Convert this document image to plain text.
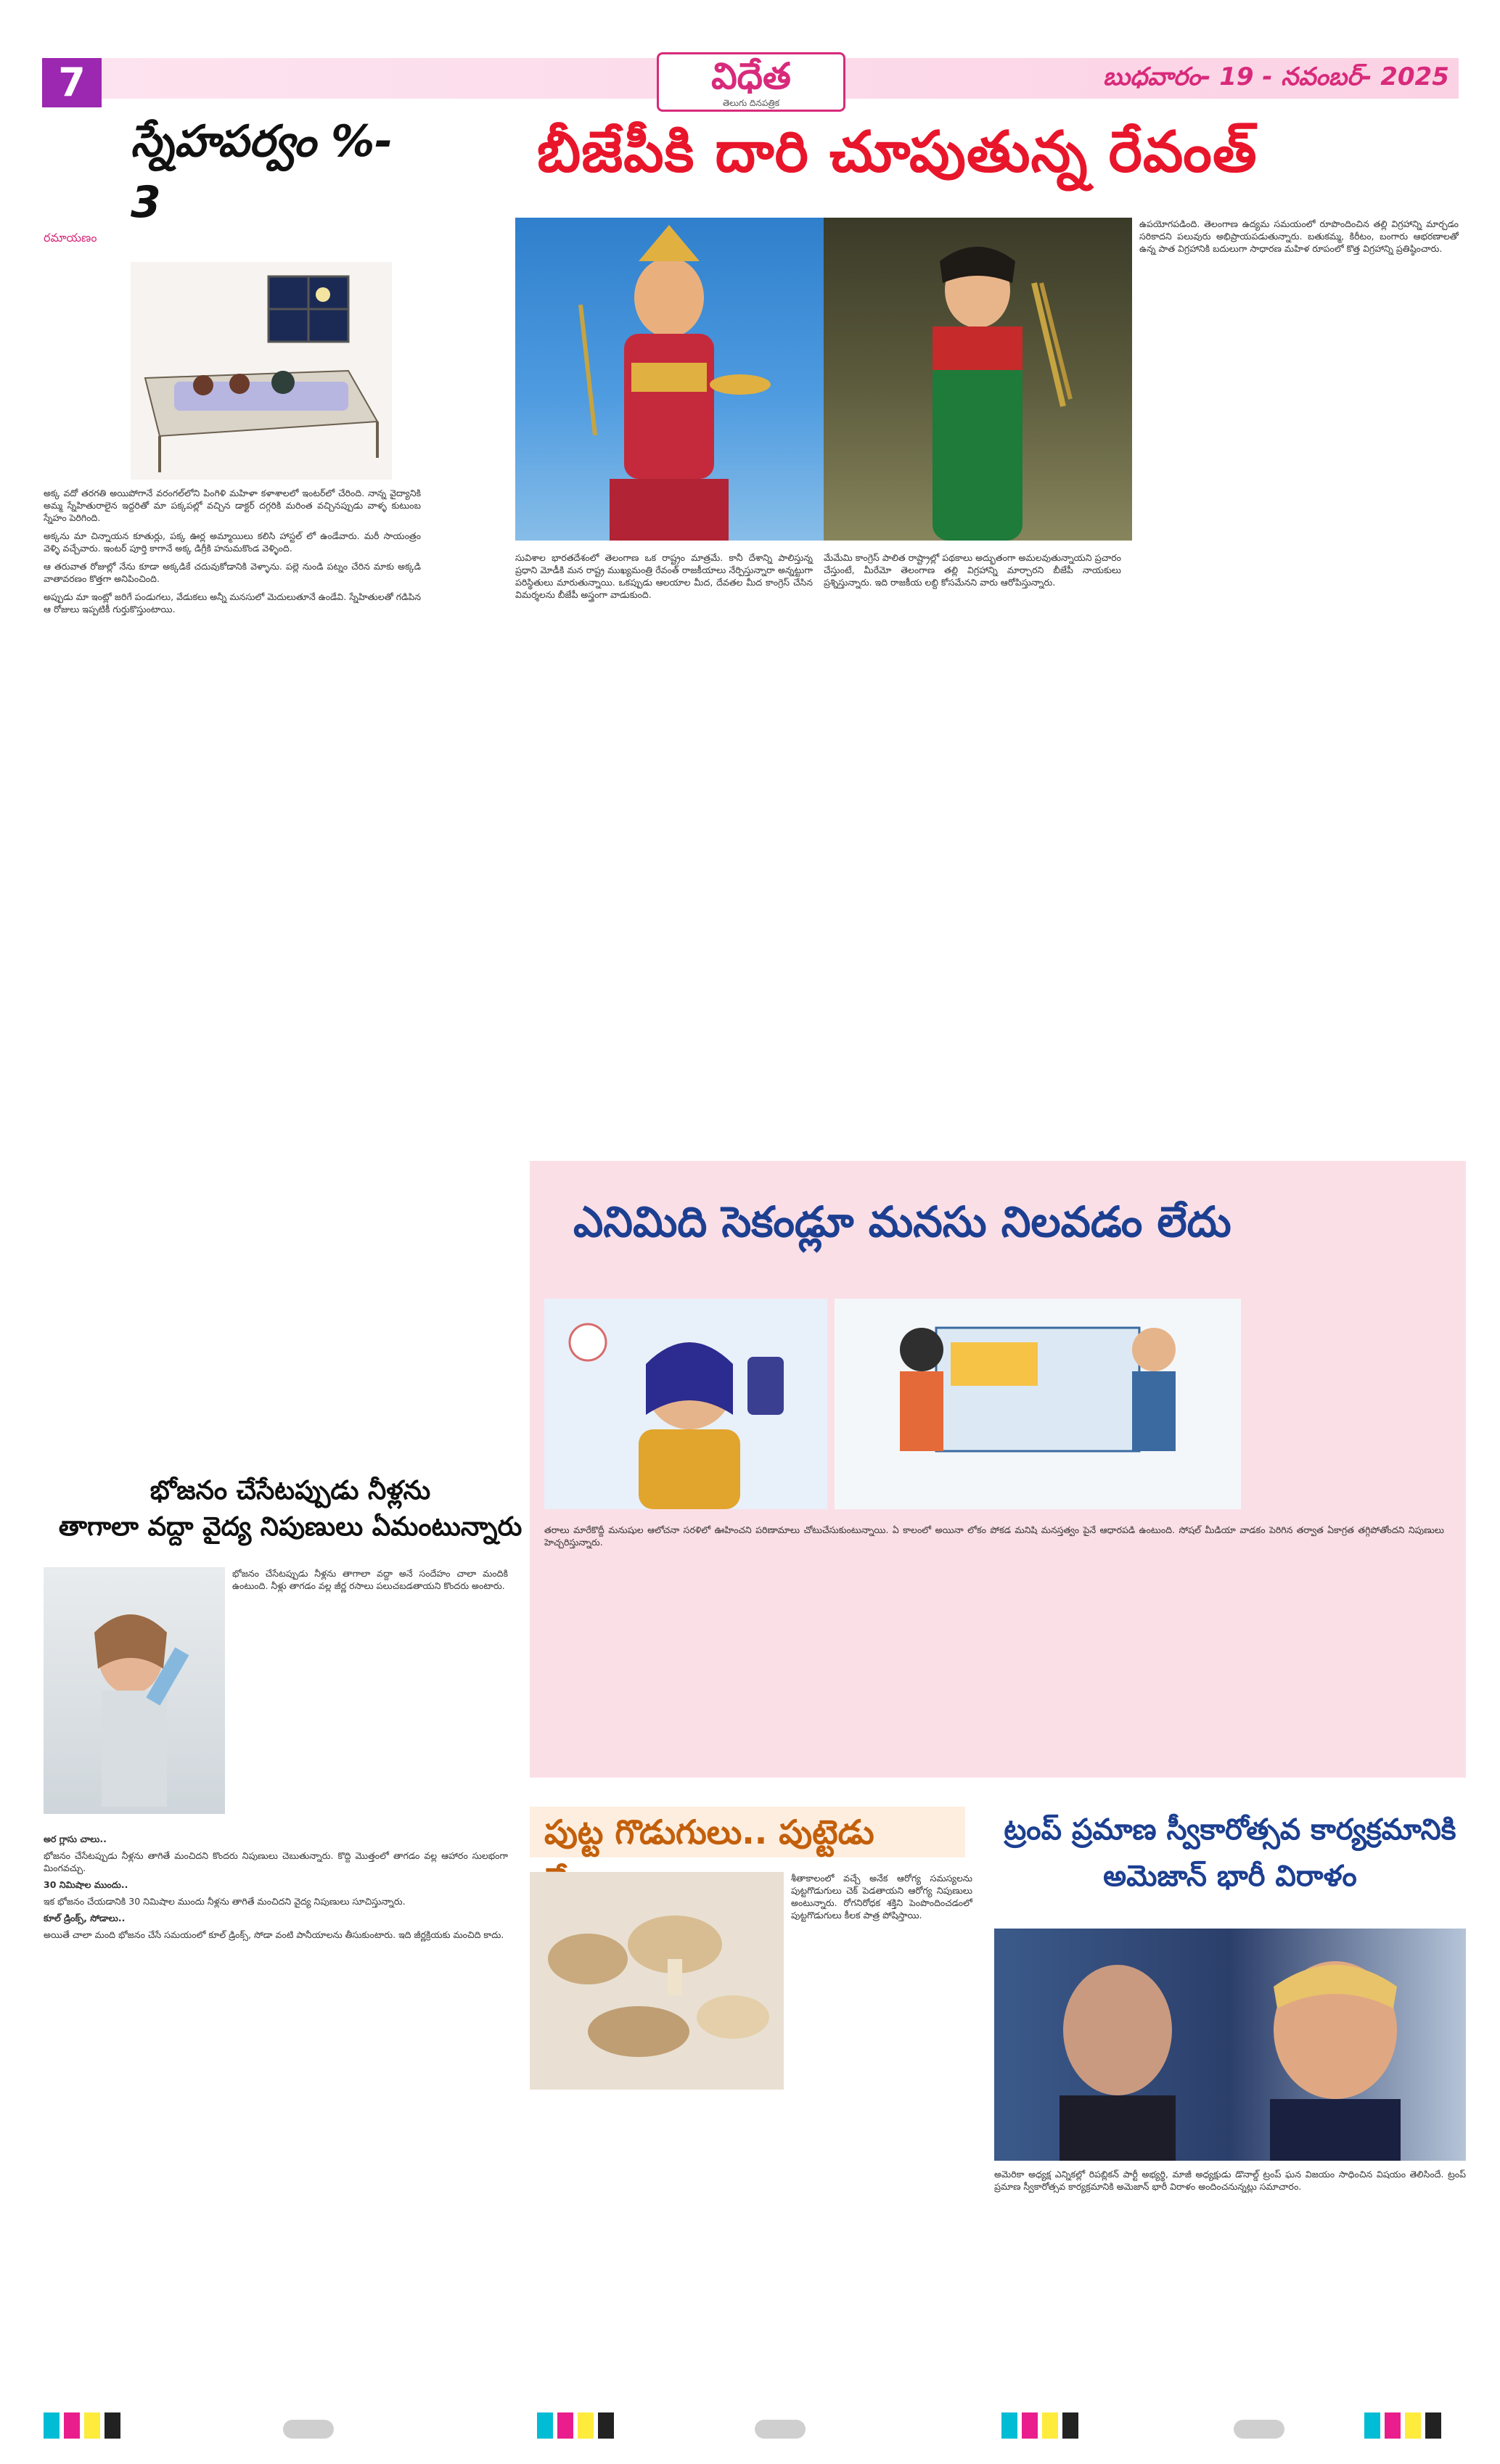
7	విధేత
తెలుగు దినపత్రిక
బుధవారం- 19 - నవంబర్- 2025
స్నేహపర్వం %- 3
రమాయణం

అక్క వదో తరగతి అయిపోగానే వరంగల్‌లోని పింగిళి మహిళా కళాశాలలో ఇంటర్‌లో చేరింది. నాన్న వైద్యానికి అమ్మ స్నేహితురాలైన ఇద్దరితో మా పక్కపల్లో వచ్చిన డాక్టర్ దగ్గరికి మరింత వచ్చినప్పుడు వాళ్ళ కుటుంబ స్నేహం పెరిగింది.

అక్కను మా చిన్నాయన కూతుర్లు, పక్క ఊర్ల అమ్మాయిలు కలిసి హాస్టల్ లో ఉండేవారు. మరీ సాయంత్రం వెళ్ళి వచ్చేవారు. ఇంటర్ పూర్తి కాగానే అక్క డిగ్రీకి హనుమకొండ వెళ్ళింది.

ఆ తరువాత రోజుల్లో నేను కూడా అక్కడికే చదువుకోడానికి వెళ్ళాను. పల్లె నుండి పట్నం చేరిన మాకు అక్కడి వాతావరణం కొత్తగా అనిపించింది.

అప్పుడు మా ఇంట్లో జరిగే పండుగలు, వేడుకలు అన్నీ మనసులో మెదులుతూనే ఉండేవి. స్నేహితులతో గడిపిన ఆ రోజులు ఇప్పటికీ గుర్తుకొస్తుంటాయి.

బీజేపీకి దారి చూపుతున్న రేవంత్
సువిశాల భారతదేశంలో తెలంగాణ ఒక రాష్ట్రం మాత్రమే. కానీ దేశాన్ని పాలిస్తున్న ప్రధాని మోడీకి మన రాష్ట్ర ముఖ్యమంత్రి రేవంత్ రాజకీయాలు నేర్పిస్తున్నారా అన్నట్టుగా పరిస్థితులు మారుతున్నాయి. ఒకప్పుడు ఆలయాల మీద, దేవతల మీద కాంగ్రెస్ చేసిన విమర్శలను బీజేపీ అస్త్రంగా వాడుకుంది.
మేమేమి కాంగ్రెస్ పాలిత రాష్ట్రాల్లో పథకాలు అద్భుతంగా అమలవుతున్నాయని ప్రచారం చేస్తుంటే, మీరేమో తెలంగాణ తల్లి విగ్రహాన్ని మార్చారని బీజేపీ నాయకులు ప్రశ్నిస్తున్నారు. ఇది రాజకీయ లబ్ది కోసమేనని వారు ఆరోపిస్తున్నారు.
ఉపయోగపడింది. తెలంగాణ ఉద్యమ సమయంలో రూపొందించిన తల్లి విగ్రహాన్ని మార్చడం సరికాదని పలువురు అభిప్రాయపడుతున్నారు. బతుకమ్మ, కిరీటం, బంగారు ఆభరణాలతో ఉన్న పాత విగ్రహానికి బదులుగా సాధారణ మహిళ రూపంలో కొత్త విగ్రహాన్ని ప్రతిష్ఠించారు.
ఎనిమిది సెకండ్లూ మనసు నిలవడం లేదు
తరాలు మారేకొద్దీ మనుషుల ఆలోచనా సరళిలో ఊహించని పరిణామాలు చోటుచేసుకుంటున్నాయి. ఏ కాలంలో అయినా లోకం పోకడ మనిషి మనస్తత్వం పైనే ఆధారపడి ఉంటుంది. సోషల్ మీడియా వాడకం పెరిగిన తర్వాత ఏకాగ్రత తగ్గిపోతోందని నిపుణులు హెచ్చరిస్తున్నారు.
భోజనం చేసేటప్పుడు నీళ్లను
తాగాలా వద్దా వైద్య నిపుణులు ఏమంటున్నారు

భోజనం చేసేటప్పుడు నీళ్లను తాగాలా వద్దా అనే సందేహం చాలా మందికి ఉంటుంది. నీళ్లు తాగడం వల్ల జీర్ణ రసాలు పలుచబడతాయని కొందరు అంటారు.

అర గ్లాసు చాలు..

భోజనం చేసేటప్పుడు నీళ్లను తాగితే మంచిదని కొందరు నిపుణులు చెబుతున్నారు. కొద్ది మొత్తంలో తాగడం వల్ల ఆహారం సులభంగా మింగవచ్చు.

30 నిమిషాల ముందు..

ఇక భోజనం చేయడానికి 30 నిమిషాల ముందు నీళ్లను తాగితే మంచిదని వైద్య నిపుణులు సూచిస్తున్నారు.

కూల్ డ్రింక్స్, సోడాలు..

అయితే చాలా మంది భోజనం చేసే సమయంలో కూల్ డ్రింక్స్, సోడా వంటి పానీయాలను తీసుకుంటారు. ఇది జీర్ణక్రియకు మంచిది కాదు.

పుట్ట గొడుగులు.. పుట్టెడు
శీతాకాలంలో వచ్చే అనేక ఆరోగ్య సమస్యలను పుట్టగొడుగులు చెక్ పెడతాయని ఆరోగ్య నిపుణులు అంటున్నారు. రోగనిరోధక శక్తిని పెంపొందించడంలో పుట్టగొడుగులు కీలక పాత్ర పోషిస్తాయి.
ట్రంప్ ప్రమాణ స్వీకారోత్సవ కార్యక్రమానికి అమెజాన్ భారీ విరాళం
అమెరికా అధ్యక్ష ఎన్నికల్లో రిపబ్లికన్ పార్టీ అభ్యర్థి, మాజీ అధ్యక్షుడు డొనాల్డ్ ట్రంప్ ఘన విజయం సాధించిన విషయం తెలిసిందే. ట్రంప్ ప్రమాణ స్వీకారోత్సవ కార్యక్రమానికి అమెజాన్ భారీ విరాళం అందించనున్నట్లు సమాచారం.
